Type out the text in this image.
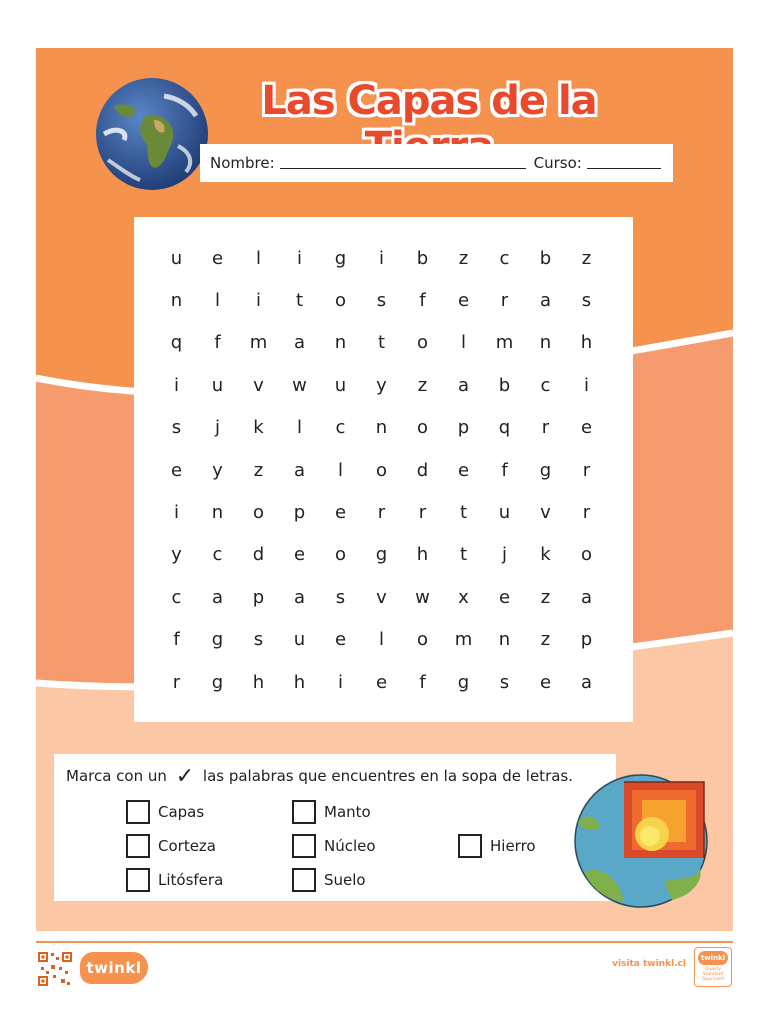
Las Capas de la
Nombre:	Curso:
u	e	l	i	g	i	b	z	c	b	z
n	l	i	t	o	s	f	e	r	a	s
q	f	m	a	n	t	o	l	m	n	h
i	u	v	w	u	y	z	a	b	c	i
s	j	k	l	c	n	o	p	q	r	e
e	y	z	a	l	o	d	e	f	g	r
i	n	o	p	e	r	r	t	u	v	r
y	c	d	e	o	g	h	t	j	k	o
c	a	p	a	s	v	w	x	e	z	a
f	g	s	u	e	l	o	m	n	z	p
r	g	h	h	i	e	f	g	s	e	a
Marca con un ✓ las palabras que encuentres en la sopa de letras.
Capas
Corteza
Litósfera
Manto
Núcleo
Suelo
Hierro
twinkl	visita twinkl.cl
twinkl
Quality Standard Approved
